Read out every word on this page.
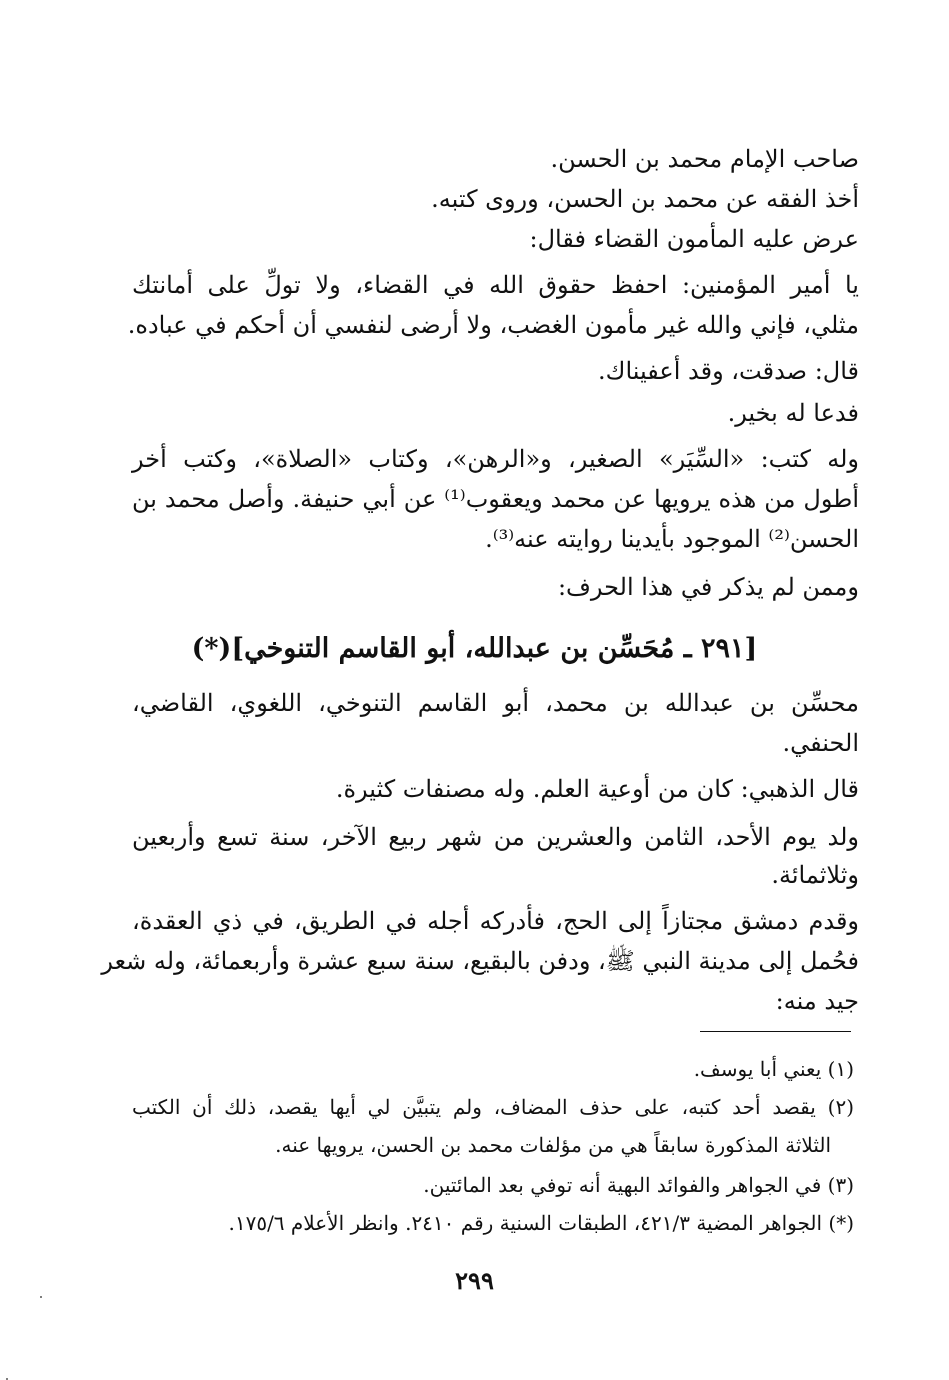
صاحب الإمام محمد بن الحسن.
أخذ الفقه عن محمد بن الحسن، وروى كتبه.
عرض عليه المأمون القضاء فقال:
يا أمير المؤمنين: احفظ حقوق الله في القضاء، ولا تولِّ على أمانتك
مثلي، فإني والله غير مأمون الغضب، ولا أرضى لنفسي أن أحكم في عباده.
قال: صدقت، وقد أعفيناك.
فدعا له بخير.
وله كتب: «السِّيَر» الصغير، و«الرهن»، وكتاب «الصلاة»، وكتب أخر
أطول من هذه يرويها عن محمد ويعقوب⁽¹⁾ عن أبي حنيفة. وأصل محمد بن
الحسن⁽²⁾ الموجود بأيدينا روايته عنه⁽³⁾.
وممن لم يذكر في هذا الحرف:
[٢٩١ ـ مُحَسِّن بن عبدالله، أبو القاسم التنوخي](*)
محسِّن بن عبدالله بن محمد، أبو القاسم التنوخي، اللغوي، القاضي،
الحنفي.
قال الذهبي: كان من أوعية العلم. وله مصنفات كثيرة.
ولد يوم الأحد، الثامن والعشرين من شهر ربيع الآخر، سنة تسع وأربعين
وثلاثمائة.
وقدم دمشق مجتازاً إلى الحج، فأدركه أجله في الطريق، في ذي العقدة،
فحُمل إلى مدينة النبي ﷺ، ودفن بالبقيع، سنة سبع عشرة وأربعمائة، وله شعر
جيد منه:
(١) يعني أبا يوسف.
(٢) يقصد أحد كتبه، على حذف المضاف، ولم يتبيَّن لي أيها يقصد، ذلك أن الكتب
الثلاثة المذكورة سابقاً هي من مؤلفات محمد بن الحسن، يرويها عنه.
(٣) في الجواهر والفوائد البهية أنه توفي بعد المائتين.
(*) الجواهر المضية ٤٢١/٣، الطبقات السنية رقم ٢٤١٠. وانظر الأعلام ١٧٥/٦.
٢٩٩
